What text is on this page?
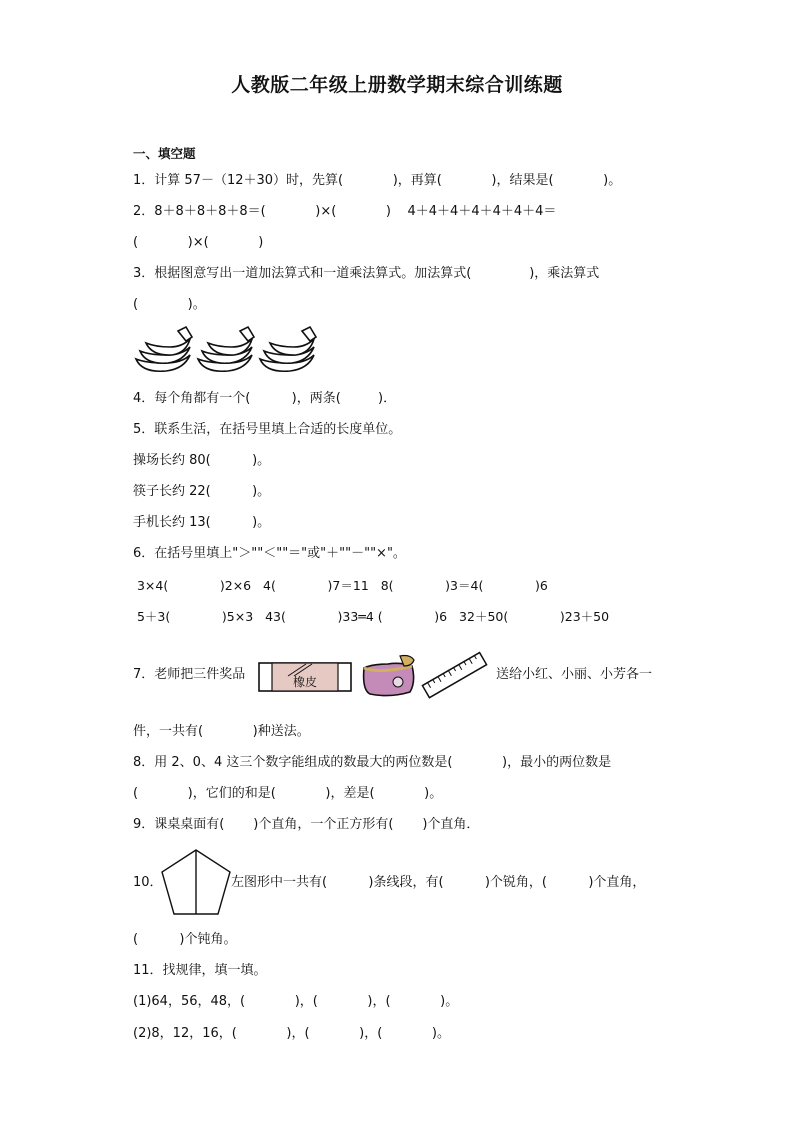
人教版二年级上册数学期末综合训练题
一、填空题
1．计算 57－（12＋30）时，先算(            )，再算(            )，结果是(            )。
2．8＋8＋8＋8＋8＝(            )×(            )    4＋4＋4＋4＋4＋4＋4＝
(            )×(            )
3．根据图意写出一道加法算式和一道乘法算式。加法算式(              )，乘法算式
(            )。
4．每个角都有一个(          )，两条(         )．
5．联系生活，在括号里填上合适的长度单位。
操场长约 80(          )。
筷子长约 22(          )。
手机长约 13(          )。
6．在括号里填上"＞""＜""＝"或"＋""－""×"。
3×4(             )2×6   4(             )7＝11   8(             )3＝4(             )6
5＋3(             )5×3   43(             )33═4 (             )6   32＋50(             )23＋50
7．老师把三件奖品	橡皮	送给小红、小丽、小芳各一
件，一共有(            )种送法。
8．用 2、0、4 这三个数字能组成的数最大的两位数是(            )，最小的两位数是
(            )，它们的和是(            )，差是(            )。
9．课桌桌面有(       )个直角，一个正方形有(       )个直角．
10．	左图形中一共有(          )条线段，有(          )个锐角，(          )个直角，
(          )个钝角。
11．找规律，填一填。
(1)64，56，48，(            )，(            )，(            )。
(2)8，12，16，(            )，(            )，(            )。
